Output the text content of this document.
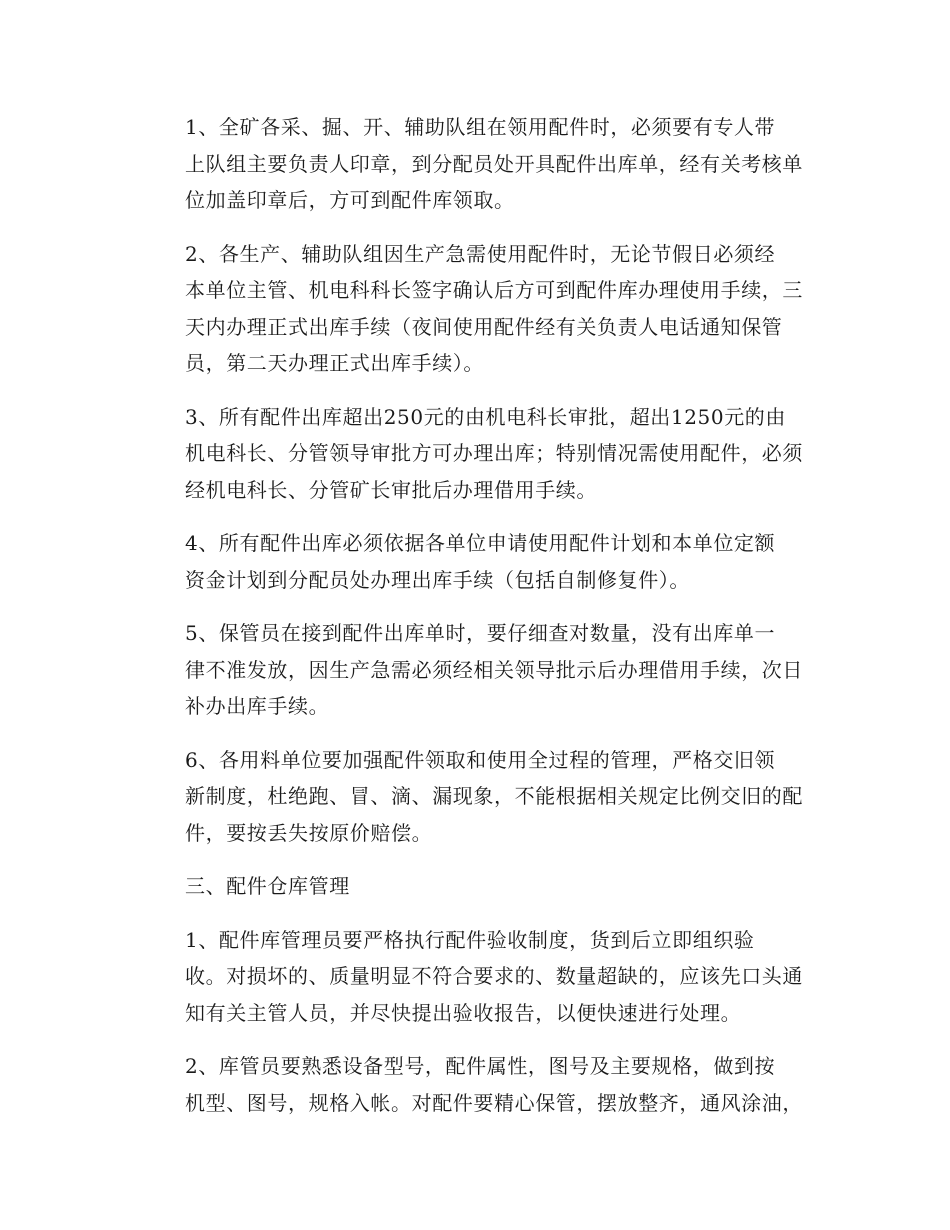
1、全矿各采、掘、开、辅助队组在领用配件时，必须要有专人带
上队组主要负责人印章，到分配员处开具配件出库单，经有关考核单
位加盖印章后，方可到配件库领取。

2、各生产、辅助队组因生产急需使用配件时，无论节假日必须经
本单位主管、机电科科长签字确认后方可到配件库办理使用手续，三
天内办理正式出库手续（夜间使用配件经有关负责人电话通知保管
员，第二天办理正式出库手续）。

3、所有配件出库超出250元的由机电科长审批，超出1250元的由
机电科长、分管领导审批方可办理出库；特别情况需使用配件，必须
经机电科长、分管矿长审批后办理借用手续。

4、所有配件出库必须依据各单位申请使用配件计划和本单位定额
资金计划到分配员处办理出库手续（包括自制修复件）。

5、保管员在接到配件出库单时，要仔细查对数量，没有出库单一
律不准发放，因生产急需必须经相关领导批示后办理借用手续，次日
补办出库手续。

6、各用料单位要加强配件领取和使用全过程的管理，严格交旧领
新制度，杜绝跑、冒、滴、漏现象，不能根据相关规定比例交旧的配
件，要按丢失按原价赔偿。

三、配件仓库管理

1、配件库管理员要严格执行配件验收制度，货到后立即组织验
收。对损坏的、质量明显不符合要求的、数量超缺的，应该先口头通
知有关主管人员，并尽快提出验收报告，以便快速进行处理。

2、库管员要熟悉设备型号，配件属性，图号及主要规格，做到按
机型、图号，规格入帐。对配件要精心保管，摆放整齐，通风涂油，
